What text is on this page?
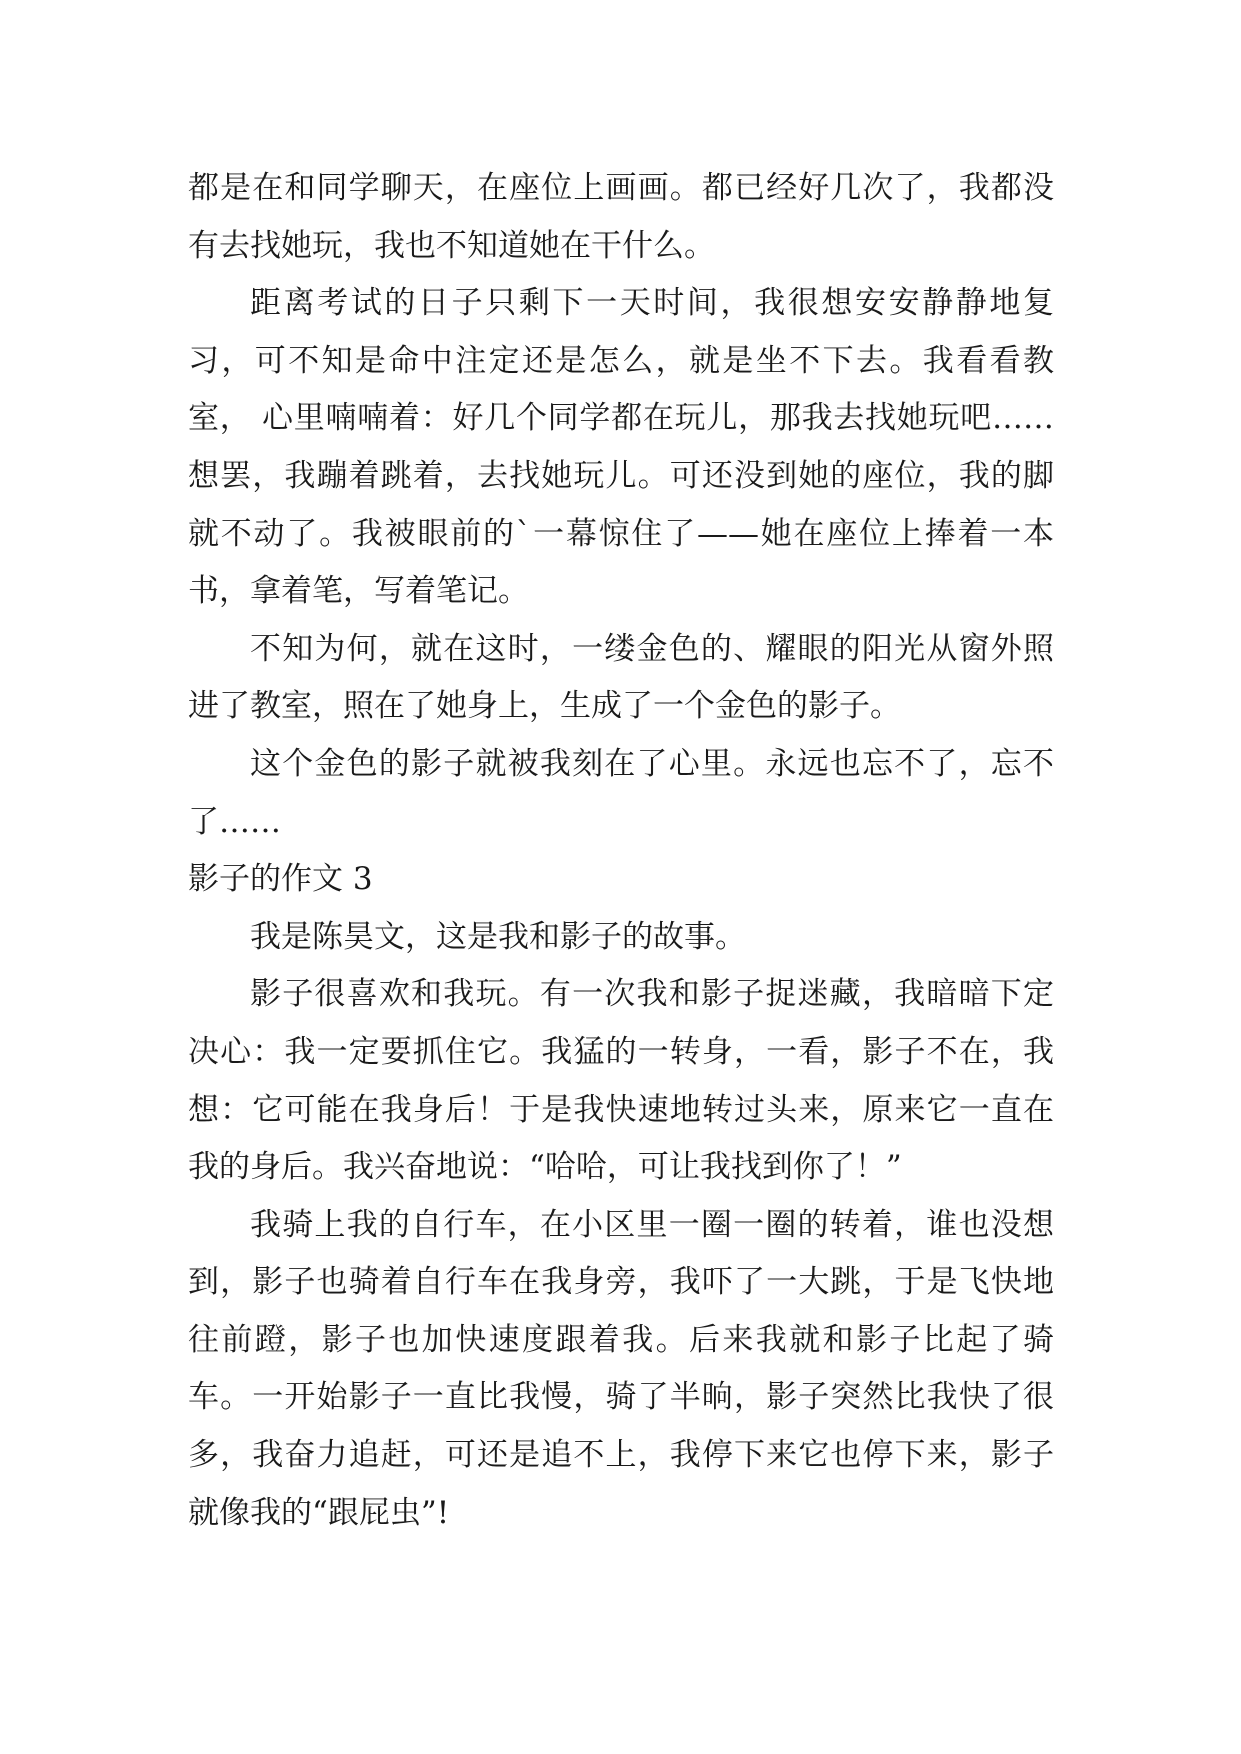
都是在和同学聊天，在座位上画画。都已经好几次了，我都没有去找她玩，我也不知道她在干什么。

距离考试的日子只剩下一天时间，我很想安安静静地复习，可不知是命中注定还是怎么，就是坐不下去。我看看教室， 心里喃喃着：好几个同学都在玩儿，那我去找她玩吧……想罢，我蹦着跳着，去找她玩儿。可还没到她的座位，我的脚就不动了。我被眼前的`一幕惊住了——她在座位上捧着一本书，拿着笔，写着笔记。

不知为何，就在这时，一缕金色的、耀眼的阳光从窗外照进了教室，照在了她身上，生成了一个金色的影子。

这个金色的影子就被我刻在了心里。永远也忘不了，忘不了……

影子的作文 3

我是陈昊文，这是我和影子的故事。

影子很喜欢和我玩。有一次我和影子捉迷藏，我暗暗下定决心：我一定要抓住它。我猛的一转身，一看，影子不在，我想：它可能在我身后！于是我快速地转过头来，原来它一直在我的身后。我兴奋地说：“哈哈，可让我找到你了！”

我骑上我的自行车，在小区里一圈一圈的转着，谁也没想到，影子也骑着自行车在我身旁，我吓了一大跳，于是飞快地往前蹬，影子也加快速度跟着我。后来我就和影子比起了骑车。一开始影子一直比我慢，骑了半晌，影子突然比我快了很多，我奋力追赶，可还是追不上，我停下来它也停下来，影子就像我的“跟屁虫”!
